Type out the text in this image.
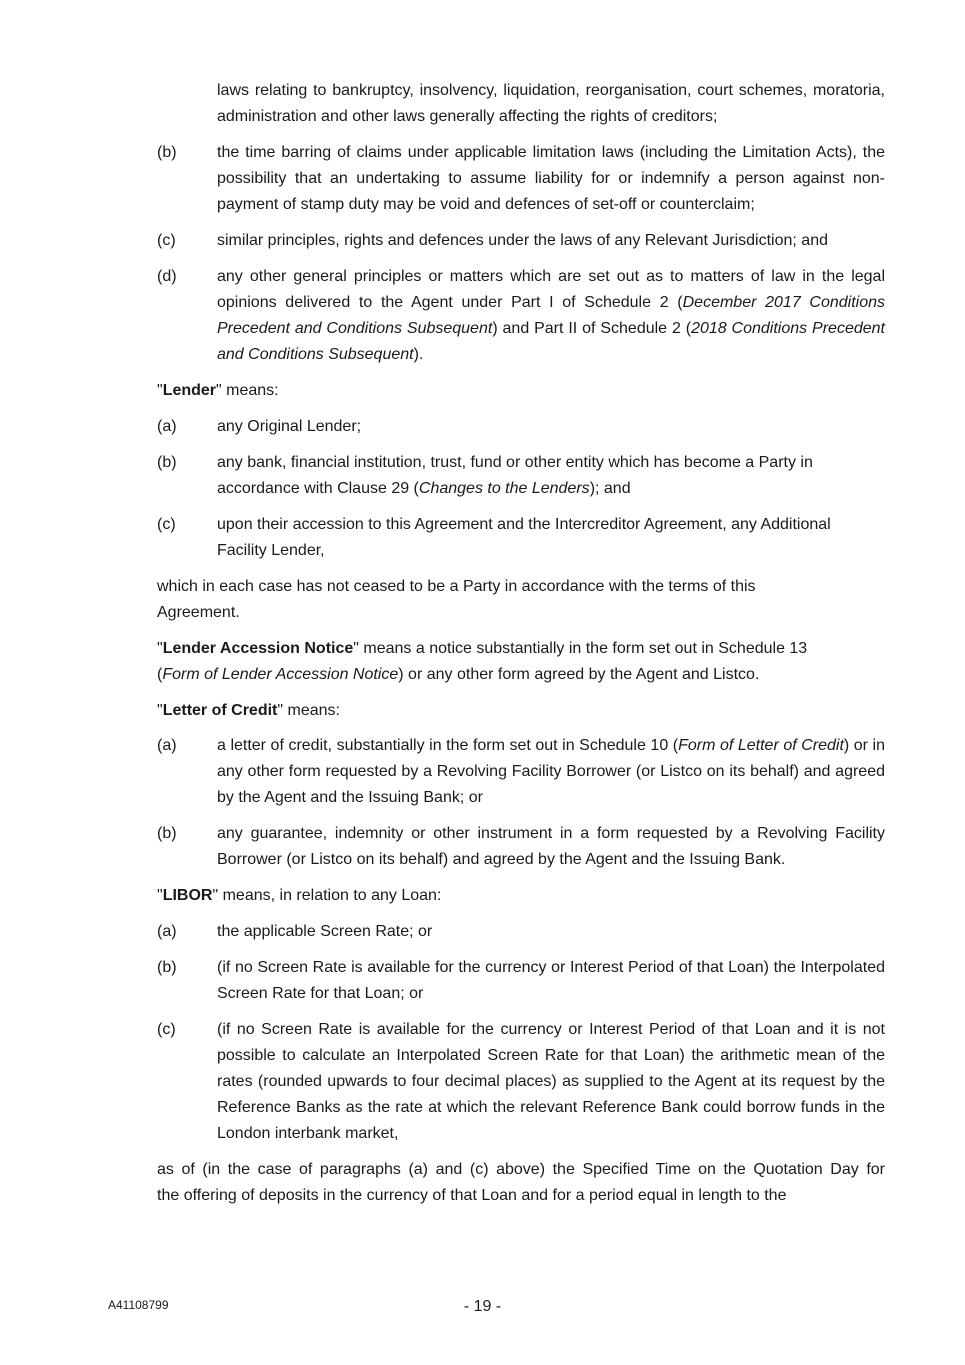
laws relating to bankruptcy, insolvency, liquidation, reorganisation, court schemes, moratoria, administration and other laws generally affecting the rights of creditors;
(b)	the time barring of claims under applicable limitation laws (including the Limitation Acts), the possibility that an undertaking to assume liability for or indemnify a person against non-payment of stamp duty may be void and defences of set-off or counterclaim;
(c)	similar principles, rights and defences under the laws of any Relevant Jurisdiction; and
(d)	any other general principles or matters which are set out as to matters of law in the legal opinions delivered to the Agent under Part I of Schedule 2 (December 2017 Conditions Precedent and Conditions Subsequent) and Part II of Schedule 2 (2018 Conditions Precedent and Conditions Subsequent).
"Lender" means:
(a)	any Original Lender;
(b)	any bank, financial institution, trust, fund or other entity which has become a Party in accordance with Clause 29 (Changes to the Lenders); and
(c)	upon their accession to this Agreement and the Intercreditor Agreement, any Additional
Facility Lender,
which in each case has not ceased to be a Party in accordance with the terms of this
Agreement.
"Lender Accession Notice" means a notice substantially in the form set out in Schedule 13
(Form of Lender Accession Notice) or any other form agreed by the Agent and Listco.
"Letter of Credit" means:
(a)	a letter of credit, substantially in the form set out in Schedule 10 (Form of Letter of Credit) or in any other form requested by a Revolving Facility Borrower (or Listco on its behalf) and agreed by the Agent and the Issuing Bank; or
(b)	any guarantee, indemnity or other instrument in a form requested by a Revolving Facility Borrower (or Listco on its behalf) and agreed by the Agent and the Issuing Bank.
"LIBOR" means, in relation to any Loan:
(a)	the applicable Screen Rate; or
(b)	(if no Screen Rate is available for the currency or Interest Period of that Loan) the Interpolated Screen Rate for that Loan; or
(c)	(if no Screen Rate is available for the currency or Interest Period of that Loan and it is not possible to calculate an Interpolated Screen Rate for that Loan) the arithmetic mean of the rates (rounded upwards to four decimal places) as supplied to the Agent at its request by the Reference Banks as the rate at which the relevant Reference Bank could borrow funds in the London interbank market,
as of (in the case of paragraphs (a) and (c) above) the Specified Time on the Quotation Day for
the offering of deposits in the currency of that Loan and for a period equal in length to the
A41108799	- 19 -
